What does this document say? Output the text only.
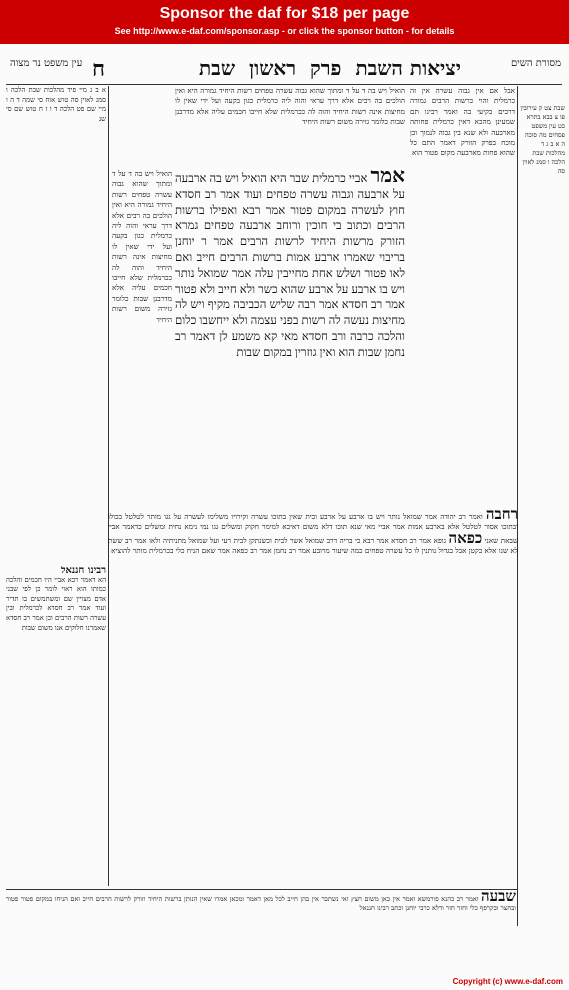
Sponsor the daf for $18 per page
See http://www.e-daf.com/sponsor.asp - or click the sponsor button - for details
יציאות השבת
פרק
ראשון
שבת
ח	מסורת השים
עין משפט נר מצוה
הואיל ויש בה ד על ד ומתוך שהוא גבוה עשרה טפחים רשות היחיד גמורה היא ואין הולכים בה רבים אלא דרך עראי והוה ליה כרמלית כגון בקעה ועל ידי שאין לו מחיצות אינה רשות היחיד והוה לה ככרמלית שלא חייבו חכמים עליה אלא מדרבנן שבות כלומר גזירה משום רשות היחיד
אמר אביי כרמלית שבר היא הואיל ויש בה ארבעה על ארבעה וגבוה עשרה טפחים ועוד אמר רב חסדא חוץ לעשרה במקום פטור אמר רבא ואפילו ברשות הרבים וכתוב בי חוכין ורוחב ארבעה טפחים גמרא הזורק מרשות היחיד לרשות הרבים אמר ר יוחנן בריבוי שאמרו ארבע אמות ברשות הרבים חייב ואם לאו פטור ושלש אחת מחייבין עלה אמר שמואל נותר ויש בו ארבע על ארבע שהוא כשר ולא חייב ולא פטור אמר רב חסדא אמר רבה שליש הכביבה מקיף ויש לה מחיצות נעשה לה רשות בפני עצמה ולא ייחשבו כלום והלכה כרבה ורב חסדא מאי קא משמע לן דאמר רב נחמן שבות הוא ואין גוזרין במקום שבות
אבל אם אין גבוה עשרה אין זה כרמלית והוי כרשות הרבים גמורה דרבים בקיעי בה ואמר רבינו תם שמעינן מהכא דאין כרמלית פחותה מארבעה ולא שנא בין גבוה לנמוך וכן מוכח בפרק הזורק דאמר התם כל שהוא פחות מארבעה מקום פטור הוא
הואיל ויש בה ד על ד ומתוך שהוא גבוה עשרה טפחים רשות היחיד גמורה היא ואין הולכים בה רבים אלא דרך עראי והוה ליה כרמלית כגון בקעה ועל ידי שאין לו מחיצות אינה רשות היחיד והוה לה ככרמלית שלא חייבו חכמים עליה אלא מדרבנן שבות כלומר גזירה משום רשות היחיד
שבת צט ק עירובין פו צ בבא בתרא כט עין משפט פסחים מה סוכה ה א ב ג ד מהלכות שבת הלכה ו סמג לאוין סה
א ב ג מיי פיד מהלכות שבת הלכה ו סמג לאוין סה טוש אוח סי שמה ד ה ו מיי שם פט הלכה ד ו ז ח טוש שם סי שנ
רבינו חננאל
הא דאמר רבא אביי היו חכמים והלכה כמותו הוא ראוי לומר כן לפי שבני אדם מצויין שם ומשתמשים בו תדיר ועוד אמר רב חסדא לכרמלית ובין עשרה רשות הרבים וכן אמר רב חסדא שאמרנו חלוקים אנו משום שבות
רחבה ואמר רב יהודה אמר שמואל נותר ויש בו ארבע על ארבע ובית שאין בתוכו עשרה וקירויו משלימו לעשרה על גגו מותר לטלטל בכולו ובתוכו אסור לטלטל אלא בארבע אמות אמר אביי מאי שנא תוכו דלא משום דאיכא למימר חקוק ומשלים גגו נמי נימא נחית ומשלים כדאמר אביי שבאת שאני כפאה גופא אמר רב חסדא אמר רבא כי בריה דרב שמואל אשר לבית וכשנתקן לבית רעי ועל שמואל מתניתיה ולאו אמר רב ששת לא שנו אלא בקטן אבל בגדול נותנין לו כל עשרה טפחים כמה שיעור מרובע אמר רב נחמן אמר רב כפאה אמר שאם הניח כלי בכרמלית מותר להוציא
שבעה ואמר רב כהנא פורמשא ואמר אין כאן משום חצץ ואי נשתבר אין בהן חייב לכל מאן דאמר ומכאן אמרו שאין הנותן ברשות היחיד וזורק לרשות הרבים חייב ואם הניחו במקום פטור פטור ובחצר ובקרפף כלי וחזר חזר ודלא כרבי יוחנן וכתב רבינו חננאל
Copyright (c) www.e-daf.com
